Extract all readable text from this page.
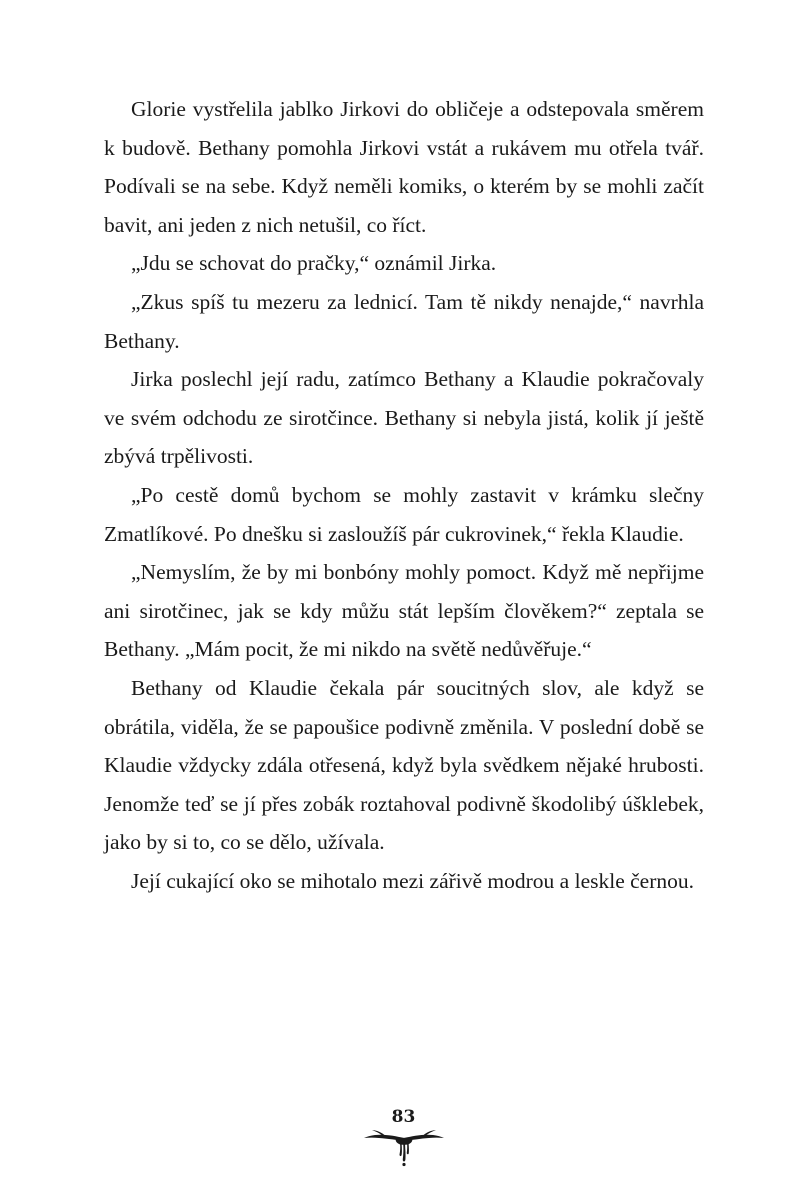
Glorie vystřelila jablko Jirkovi do obličeje a odstepovala směrem k budově. Bethany pomohla Jirkovi vstát a rukávem mu otřela tvář. Podívali se na sebe. Když neměli komiks, o kterém by se mohli začít bavit, ani jeden z nich netušil, co říct.

„Jdu se schovat do pračky,“ oznámil Jirka.

„Zkus spíš tu mezeru za lednicí. Tam tě nikdy nenajde,“ navrhla Bethany.

Jirka poslechl její radu, zatímco Bethany a Klaudie pokračovaly ve svém odchodu ze sirotčince. Bethany si nebyla jistá, kolik jí ještě zbývá trpělivosti.

„Po cestě domů bychom se mohly zastavit v krámku slečny Zmatlíkové. Po dnešku si zasloužíš pár cukrovinek,“ řekla Klaudie.

„Nemyslím, že by mi bonbóny mohly pomoct. Když mě nepřijme ani sirotčinec, jak se kdy můžu stát lepším člověkem?“ zeptala se Bethany. „Mám pocit, že mi nikdo na světě nedůvěřuje.“

Bethany od Klaudie čekala pár soucitných slov, ale když se obrátila, viděla, že se papoušice podivně změnila. V poslední době se Klaudie vždycky zdála otřesená, když byla svědkem nějaké hrubosti. Jenomže teď se jí přes zobák roztahoval podivně škodolibý úšklebek, jako by si to, co se dělo, užívala.

Její cukající oko se mihotalo mezi zářivě modrou a leskle černou.

83
